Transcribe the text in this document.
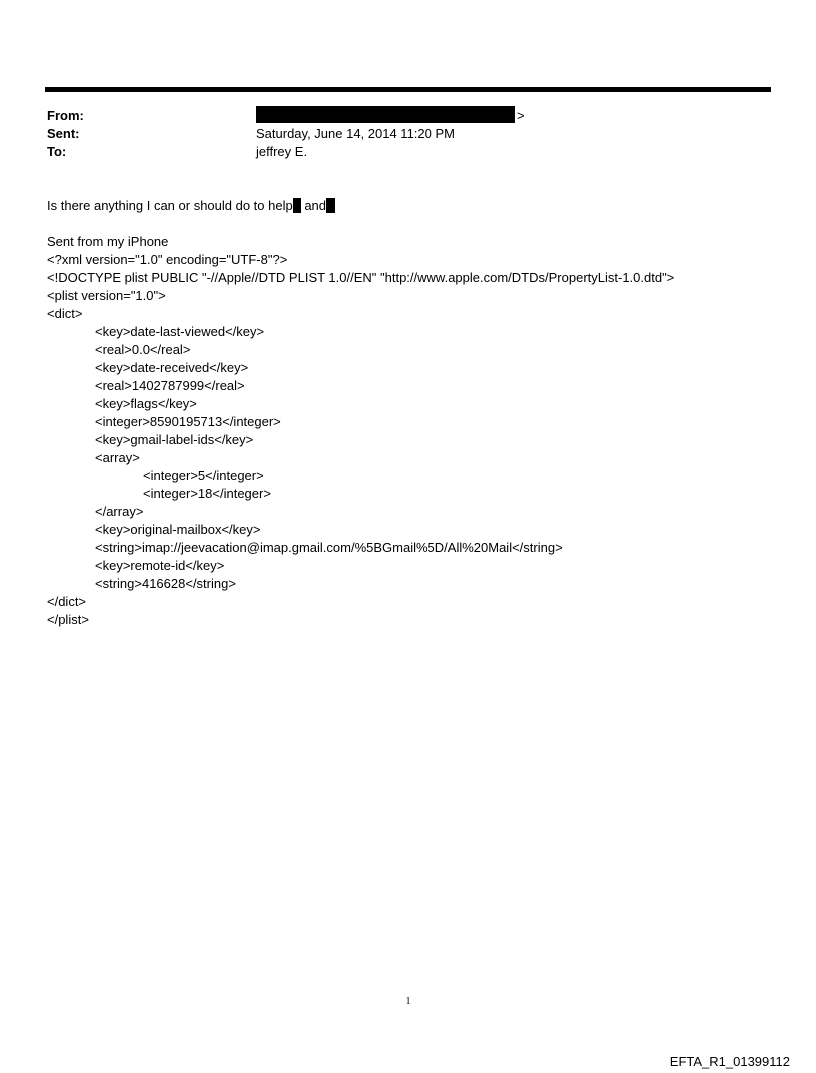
From:	>
Sent:	Saturday, June 14, 2014 11:20 PM
To:	jeffrey E.
Is there anything I can or should do to help and
Sent from my iPhone
<?xml version="1.0" encoding="UTF-8"?>
<!DOCTYPE plist PUBLIC "-//Apple//DTD PLIST 1.0//EN" "http://www.apple.com/DTDs/PropertyList-1.0.dtd">
<plist version="1.0">
<dict>
<key>date-last-viewed</key>
<real>0.0</real>
<key>date-received</key>
<real>1402787999</real>
<key>flags</key>
<integer>8590195713</integer>
<key>gmail-label-ids</key>
<array>
<integer>5</integer>
<integer>18</integer>
</array>
<key>original-mailbox</key>
<string>imap://jeevacation@imap.gmail.com/%5BGmail%5D/All%20Mail</string>
<key>remote-id</key>
<string>416628</string>
</dict>
</plist>
1
EFTA_R1_01399112
